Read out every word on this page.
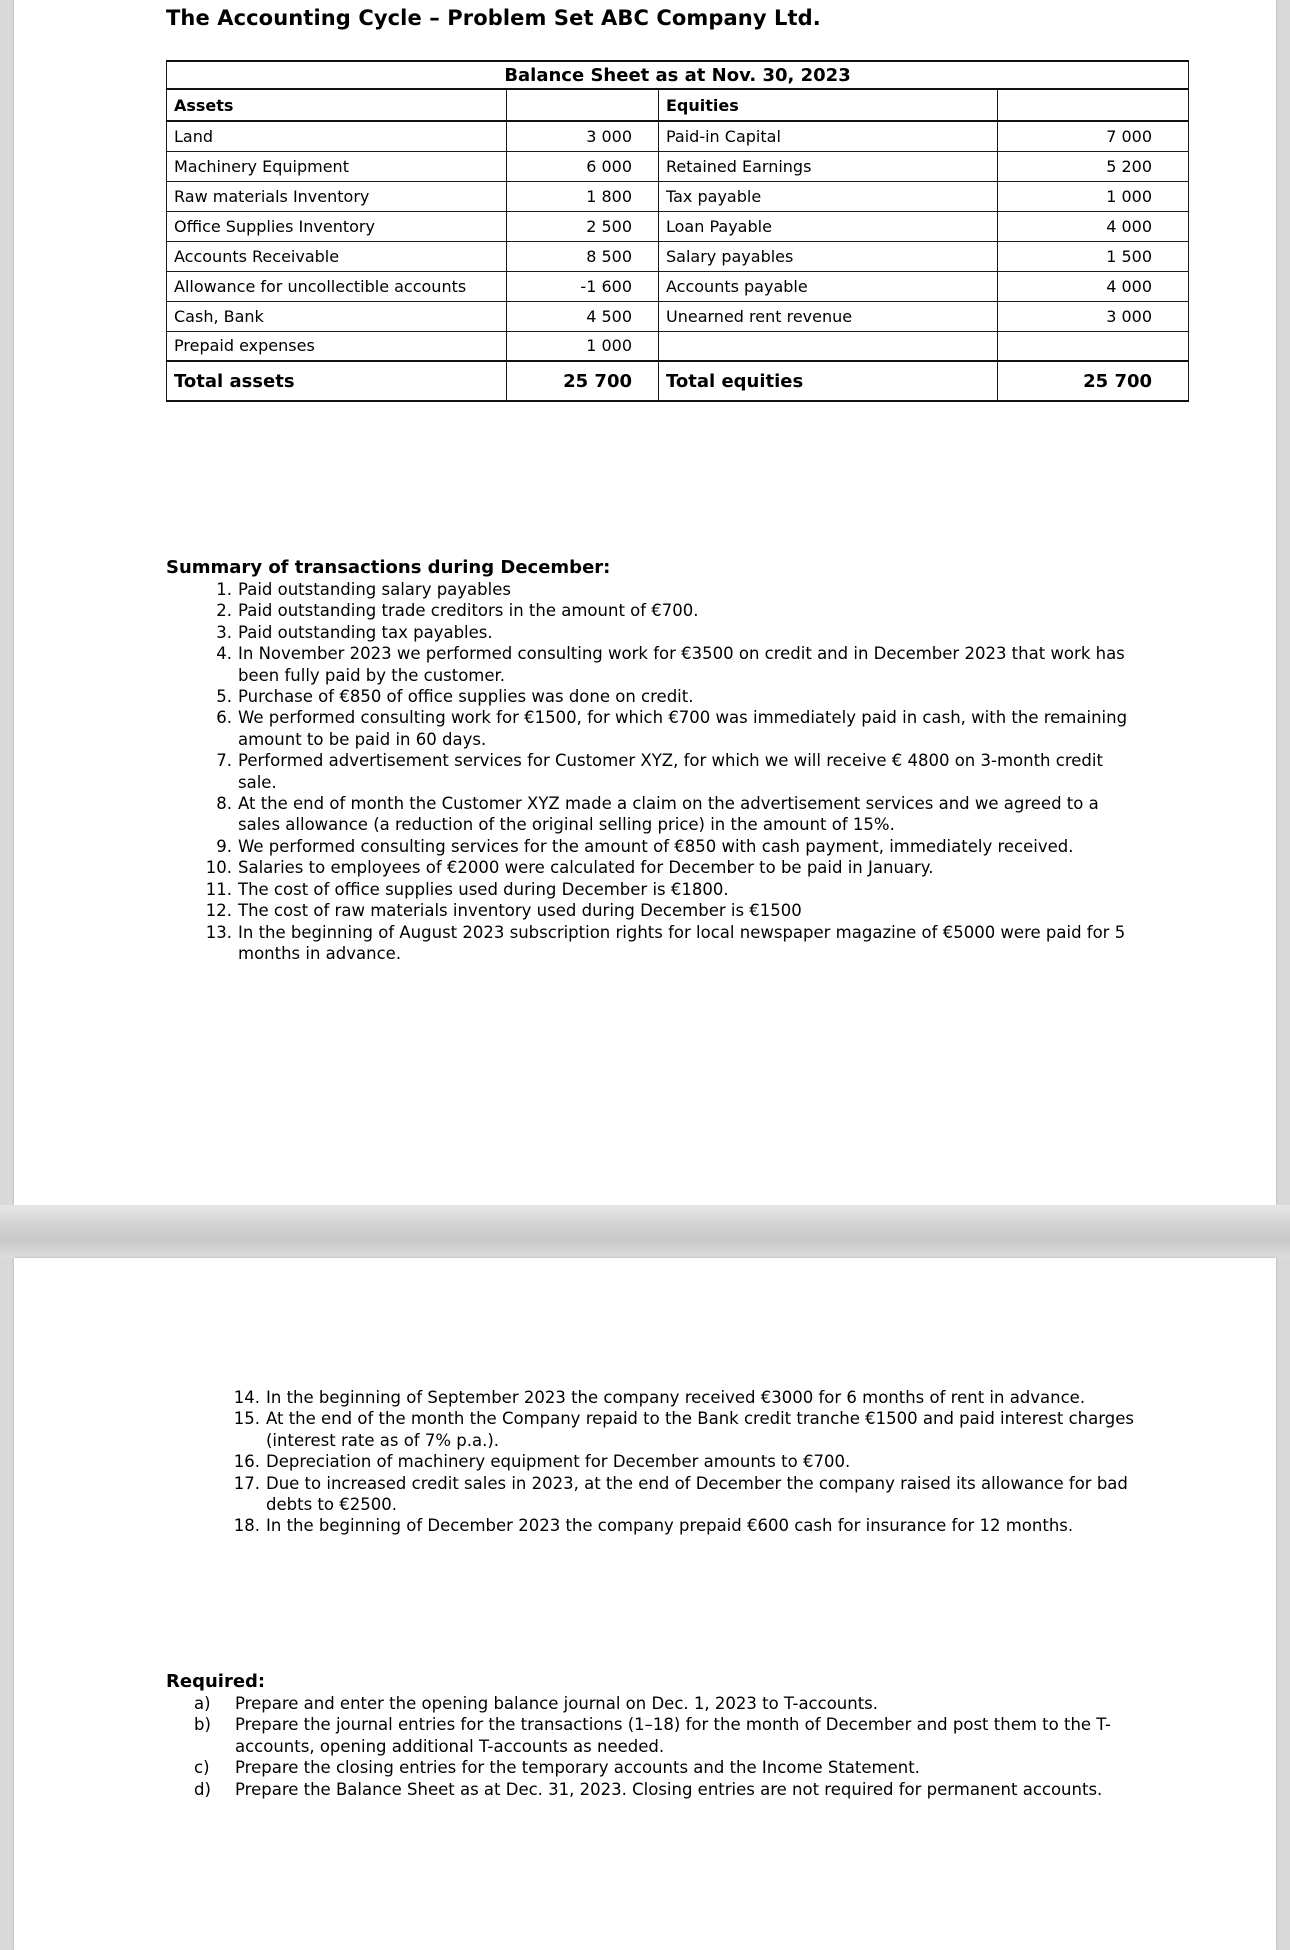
The Accounting Cycle – Problem Set ABC Company Ltd.
Balance Sheet as at Nov. 30, 2023			
Assets		Equities	
Land	3 000	Paid-in Capital	7 000
Machinery Equipment	6 000	Retained Earnings	5 200
Raw materials Inventory	1 800	Tax payable	1 000
Office Supplies Inventory	2 500	Loan Payable	4 000
Accounts Receivable	8 500	Salary payables	1 500
Allowance for uncollectible accounts	-1 600	Accounts payable	4 000
Cash, Bank	4 500	Unearned rent revenue	3 000
Prepaid expenses	1 000		
Total assets	25 700	Total equities	25 700
Summary of transactions during December:
1. Paid outstanding salary payables
2. Paid outstanding trade creditors in the amount of €700.
3. Paid outstanding tax payables.
4. In November 2023 we performed consulting work for €3500 on credit and in December 2023 that work has been fully paid by the customer.
5. Purchase of €850 of office supplies was done on credit.
6. We performed consulting work for €1500, for which €700 was immediately paid in cash, with the remaining amount to be paid in 60 days.
7. Performed advertisement services for Customer XYZ, for which we will receive € 4800 on 3-month credit sale.
8. At the end of month the Customer XYZ made a claim on the advertisement services and we agreed to a sales allowance (a reduction of the original selling price) in the amount of 15%.
9. We performed consulting services for the amount of €850 with cash payment, immediately received.
10. Salaries to employees of €2000 were calculated for December to be paid in January.
11. The cost of office supplies used during December is €1800.
12. The cost of raw materials inventory used during December is €1500
13. In the beginning of August 2023 subscription rights for local newspaper magazine of €5000 were paid for 5 months in advance.
14. In the beginning of September 2023 the company received €3000 for 6 months of rent in advance.
15. At the end of the month the Company repaid to the Bank credit tranche €1500 and paid interest charges (interest rate as of 7% p.a.).
16. Depreciation of machinery equipment for December amounts to €700.
17. Due to increased credit sales in 2023, at the end of December the company raised its allowance for bad debts to €2500.
18. In the beginning of December 2023 the company prepaid €600 cash for insurance for 12 months.
Required:
a)	Prepare and enter the opening balance journal on Dec. 1, 2023 to T-accounts.
b)	Prepare the journal entries for the transactions (1–18) for the month of December and post them to the T-accounts, opening additional T-accounts as needed.
c)	Prepare the closing entries for the temporary accounts and the Income Statement.
d)	Prepare the Balance Sheet as at Dec. 31, 2023. Closing entries are not required for permanent accounts.
